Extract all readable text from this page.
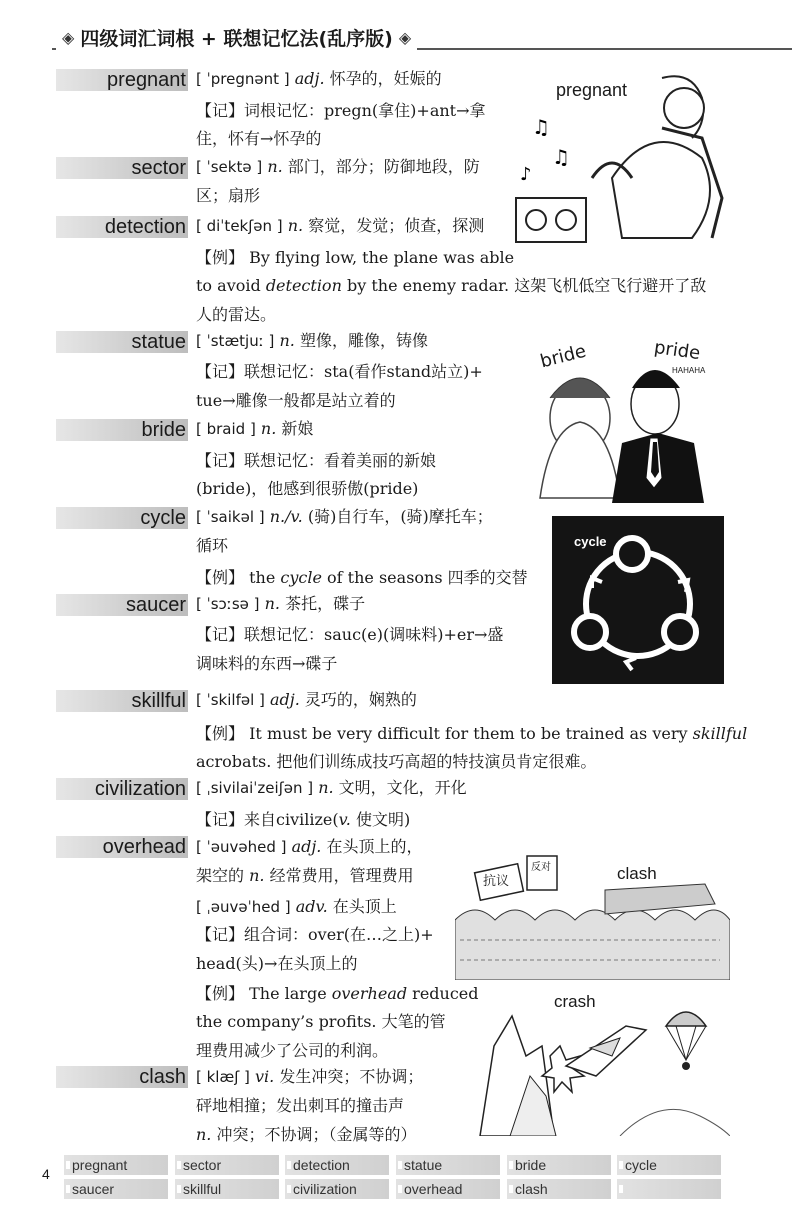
◈ 四级词汇词根 + 联想记忆法(乱序版) ◈
pregnant [ ˈpregnənt ] adj. 怀孕的，妊娠的
【记】词根记忆：pregn(拿住)+ant→拿
住，怀有→怀孕的
sector [ ˈsektə ] n. 部门，部分；防御地段，防
区；扇形
detection [ diˈtekʃən ] n. 察觉，发觉；侦查，探测
【例】 By flying low, the plane was able
to avoid detection by the enemy radar. 这架飞机低空飞行避开了敌
人的雷达。
statue [ ˈstætjuː ] n. 塑像，雕像，铸像
【记】联想记忆：sta(看作stand站立)+
tue→雕像一般都是站立着的
bride [ braid ] n. 新娘
【记】联想记忆：看着美丽的新娘
(bride)，他感到很骄傲(pride)
cycle [ ˈsaikəl ] n./v. (骑)自行车，(骑)摩托车；
循环
【例】 the cycle of the seasons 四季的交替
saucer [ ˈsɔːsə ] n. 茶托，碟子
【记】联想记忆：sauc(e)(调味料)+er→盛
调味料的东西→碟子
skillful [ ˈskilfəl ] adj. 灵巧的，娴熟的
【例】 It must be very difficult for them to be trained as very skillful
acrobats. 把他们训练成技巧高超的特技演员肯定很难。
civilization [ ˌsivilaiˈzeiʃən ] n. 文明，文化，开化
【记】来自civilize(v. 使文明)
overhead [ ˈəuvəhed ] adj. 在头顶上的，
架空的 n. 经常费用，管理费用
[ ˌəuvəˈhed ] adv. 在头顶上
【记】组合词：over(在…之上)+
head(头)→在头顶上的
【例】 The large overhead reduced
the company’s profits. 大笔的管
理费用减少了公司的利润。
clash [ klæʃ ] vi. 发生冲突；不协调；
砰地相撞；发出刺耳的撞击声
n. 冲突；不协调；（金属等的）
pregnant
♫
♫
♪
bride	pride
HAHAHA
cycle
抗议
反对	clash
crash
4
pregnant	sector	detection	statue	bride	cycle
saucer	skillful	civilization	overhead	clash
